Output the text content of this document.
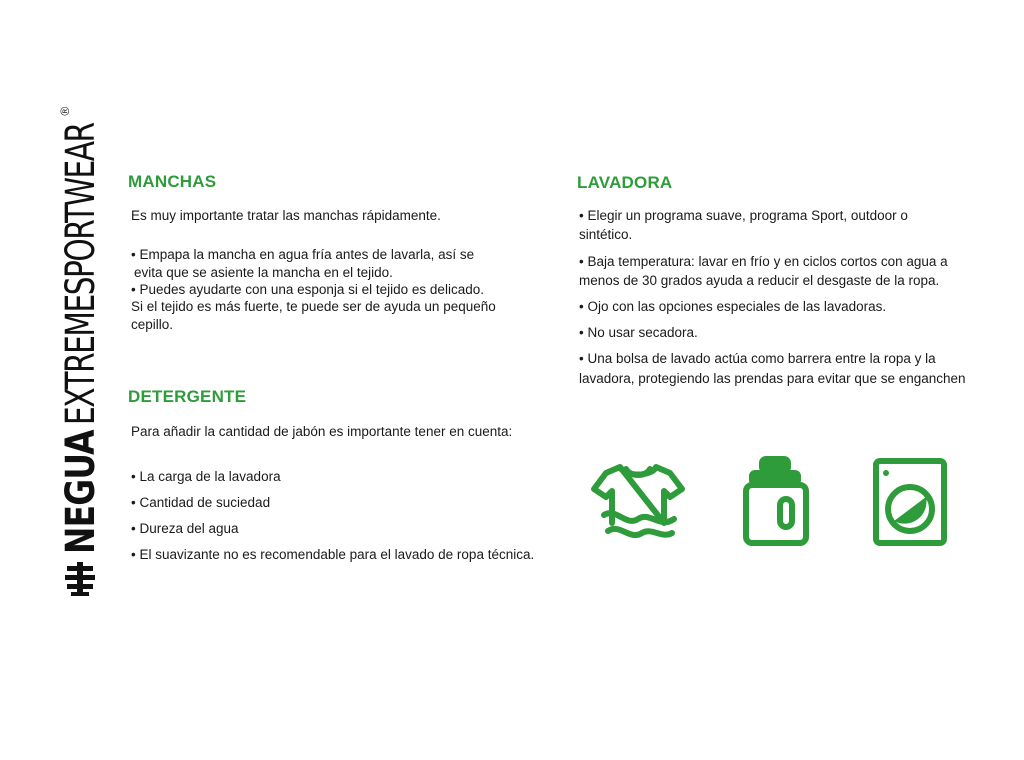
NEGUA
EXTREMESPORTWEAR
®
MANCHAS

Es muy importante tratar las manchas rápidamente.

• Empapa la mancha en agua fría antes de lavarla, así se

evita que se asiente la mancha en el tejido.

• Puedes ayudarte con una esponja si el tejido es delicado.

Si el tejido es más fuerte, te puede ser de ayuda un pequeño

cepillo.

DETERGENTE

Para añadir la cantidad de jabón es importante tener en cuenta:

• La carga de la lavadora

• Cantidad de suciedad

• Dureza del agua

• El suavizante no es recomendable para el lavado de ropa técnica.

LAVADORA

• Elegir un programa suave, programa Sport, outdoor o

sintético.

• Baja temperatura: lavar en frío y en ciclos cortos con agua a

menos de 30 grados ayuda a reducir el desgaste de la ropa.

• Ojo con las opciones especiales de las lavadoras.

• No usar secadora.

• Una bolsa de lavado actúa como barrera entre la ropa y la

lavadora, protegiendo las prendas para evitar que se enganchen
